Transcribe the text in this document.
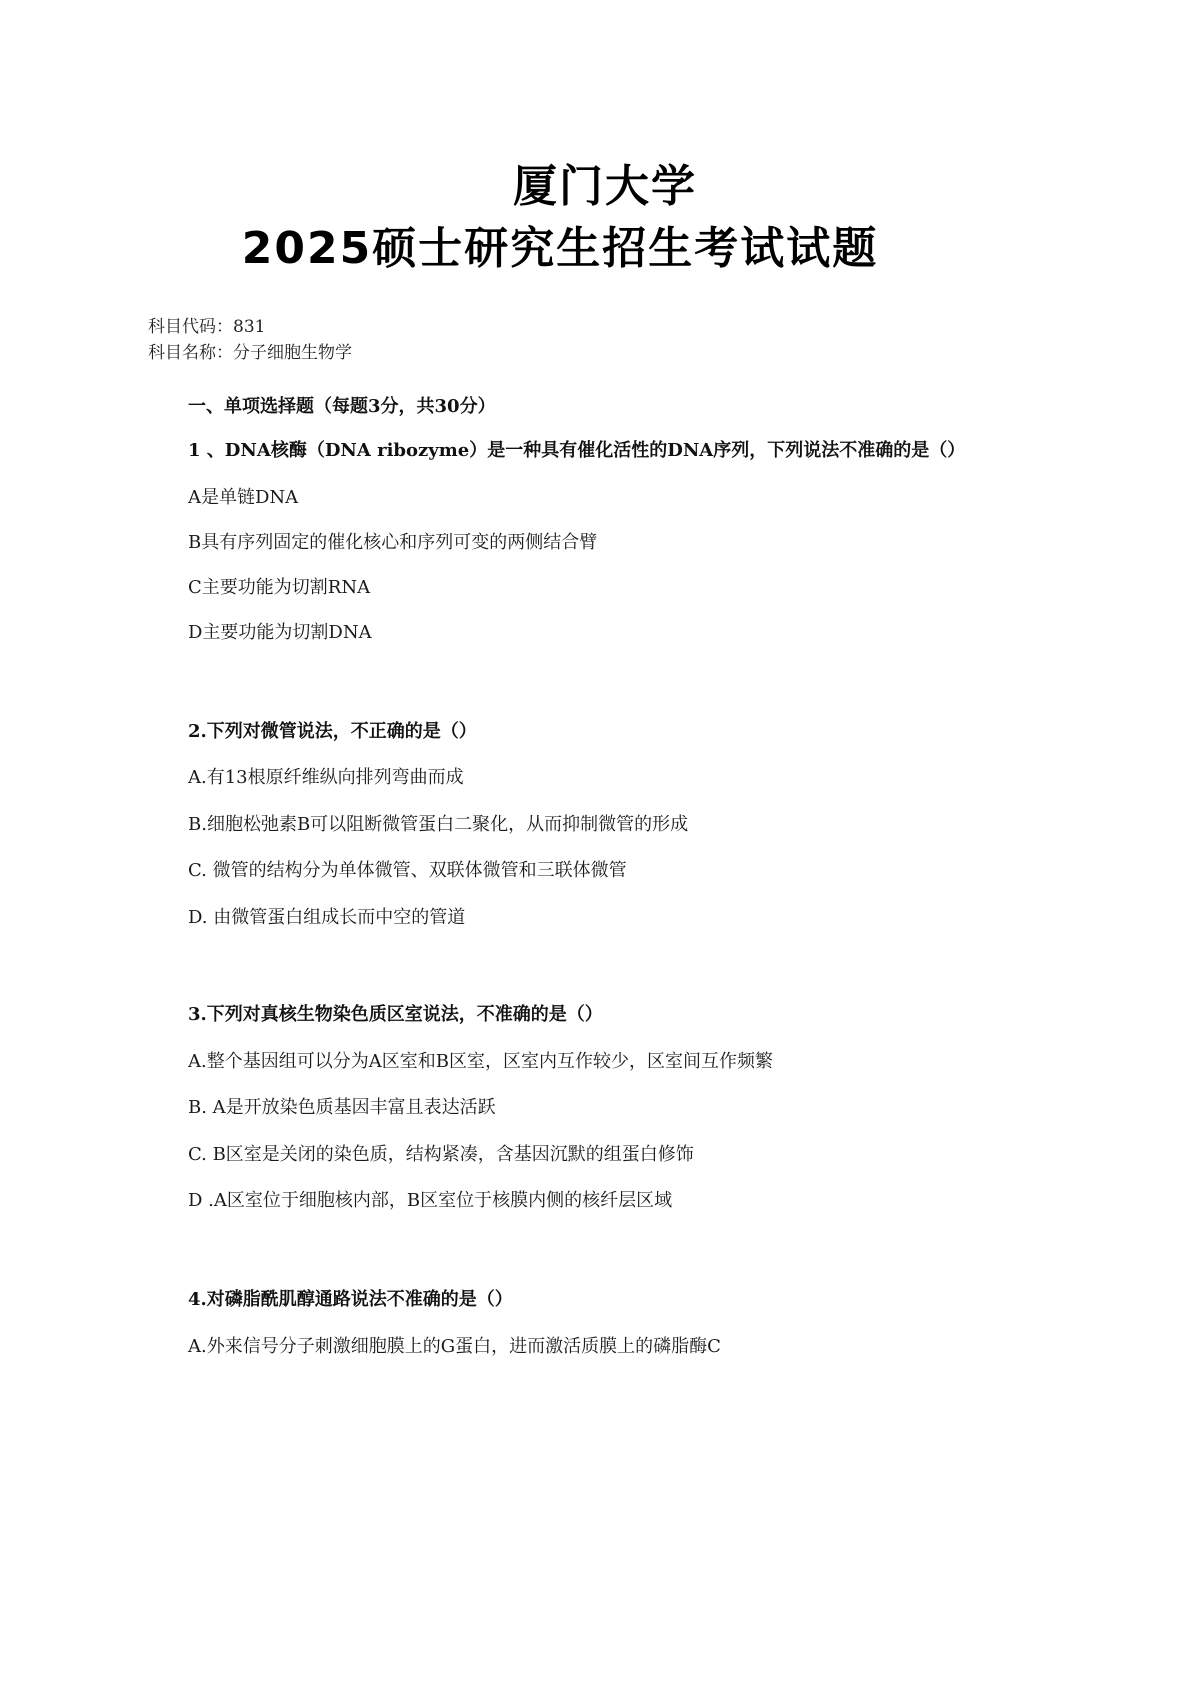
厦门大学
2025硕士研究生招生考试试题
科目代码：831
科目名称：分子细胞生物学
一、单项选择题（每题3分，共30分）
1 、DNA核酶（DNA ribozyme）是一种具有催化活性的DNA序列，下列说法不准确的是（）
A是单链DNA
B具有序列固定的催化核心和序列可变的两侧结合臂
C主要功能为切割RNA
D主要功能为切割DNA
2.下列对微管说法，不正确的是（）
A.有13根原纤维纵向排列弯曲而成
B.细胞松弛素B可以阻断微管蛋白二聚化，从而抑制微管的形成
C. 微管的结构分为单体微管、双联体微管和三联体微管
D. 由微管蛋白组成长而中空的管道
3.下列对真核生物染色质区室说法，不准确的是（）
A.整个基因组可以分为A区室和B区室，区室内互作较少，区室间互作频繁
B. A是开放染色质基因丰富且表达活跃
C. B区室是关闭的染色质，结构紧凑，含基因沉默的组蛋白修饰
D .A区室位于细胞核内部，B区室位于核膜内侧的核纤层区域
4.对磷脂酰肌醇通路说法不准确的是（）
A.外来信号分子刺激细胞膜上的G蛋白，进而激活质膜上的磷脂酶C
